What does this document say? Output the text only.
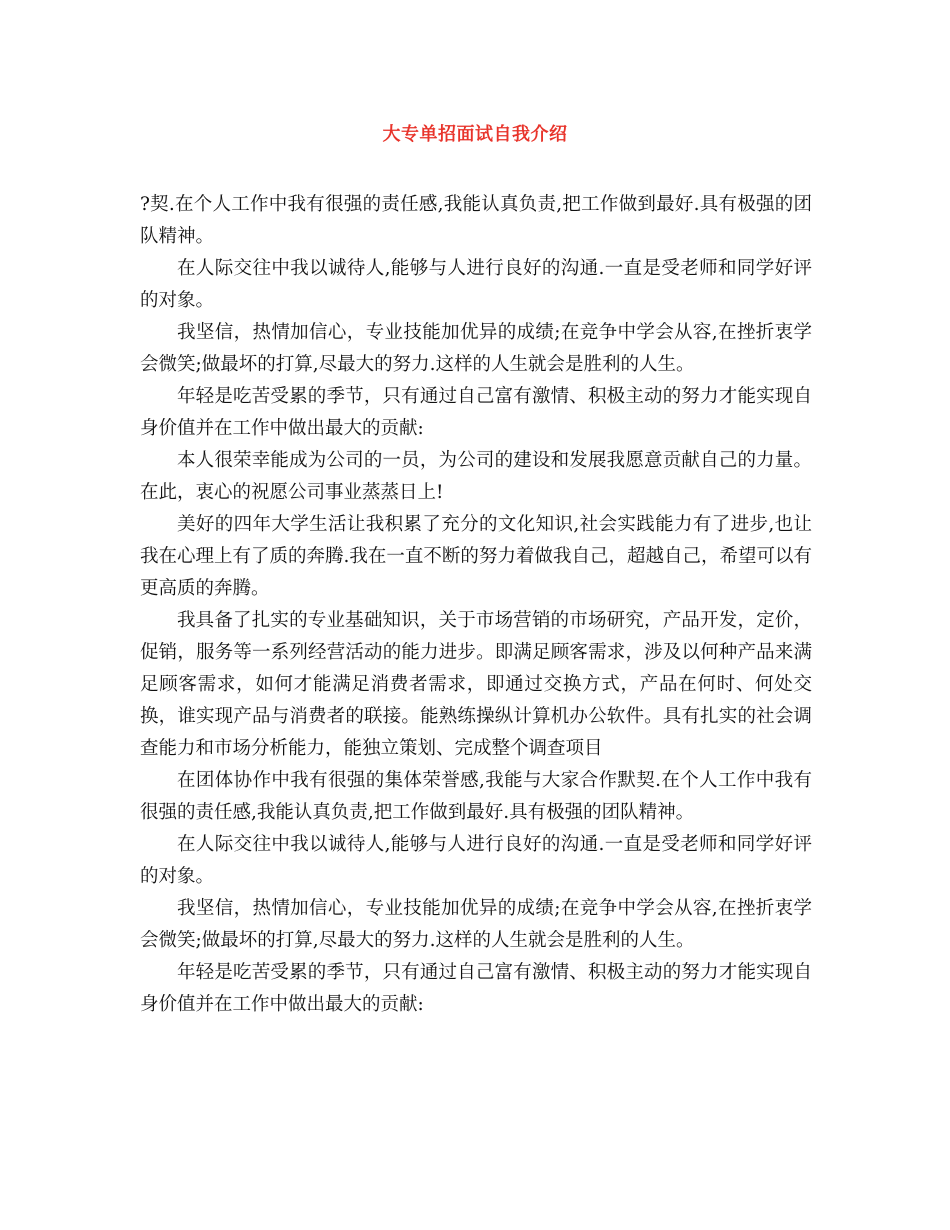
大专单招面试自我介绍

?契.在个人工作中我有很强的责任感,我能认真负责,把工作做到最好.具有极强的团队精神。

在人际交往中我以诚待人,能够与人进行良好的沟通.一直是受老师和同学好评的对象。

我坚信，热情加信心，专业技能加优异的成绩;在竞争中学会从容,在挫折衷学会微笑;做最坏的打算,尽最大的努力.这样的人生就会是胜利的人生。

年轻是吃苦受累的季节，只有通过自己富有激情、积极主动的努力才能实现自身价值并在工作中做出最大的贡献:

本人很荣幸能成为公司的一员，为公司的建设和发展我愿意贡献自己的力量。在此，衷心的祝愿公司事业蒸蒸日上!

美好的四年大学生活让我积累了充分的文化知识,社会实践能力有了进步,也让我在心理上有了质的奔腾.我在一直不断的努力着做我自己，超越自己，希望可以有更高质的奔腾。

我具备了扎实的专业基础知识，关于市场营销的市场研究，产品开发，定价，促销，服务等一系列经营活动的能力进步。即满足顾客需求，涉及以何种产品来满足顾客需求，如何才能满足消费者需求，即通过交换方式，产品在何时、何处交换，谁实现产品与消费者的联接。能熟练操纵计算机办公软件。具有扎实的社会调查能力和市场分析能力，能独立策划、完成整个调查项目

在团体协作中我有很强的集体荣誉感,我能与大家合作默契.在个人工作中我有很强的责任感,我能认真负责,把工作做到最好.具有极强的团队精神。

在人际交往中我以诚待人,能够与人进行良好的沟通.一直是受老师和同学好评的对象。

我坚信，热情加信心，专业技能加优异的成绩;在竞争中学会从容,在挫折衷学会微笑;做最坏的打算,尽最大的努力.这样的人生就会是胜利的人生。

年轻是吃苦受累的季节，只有通过自己富有激情、积极主动的努力才能实现自身价值并在工作中做出最大的贡献:
